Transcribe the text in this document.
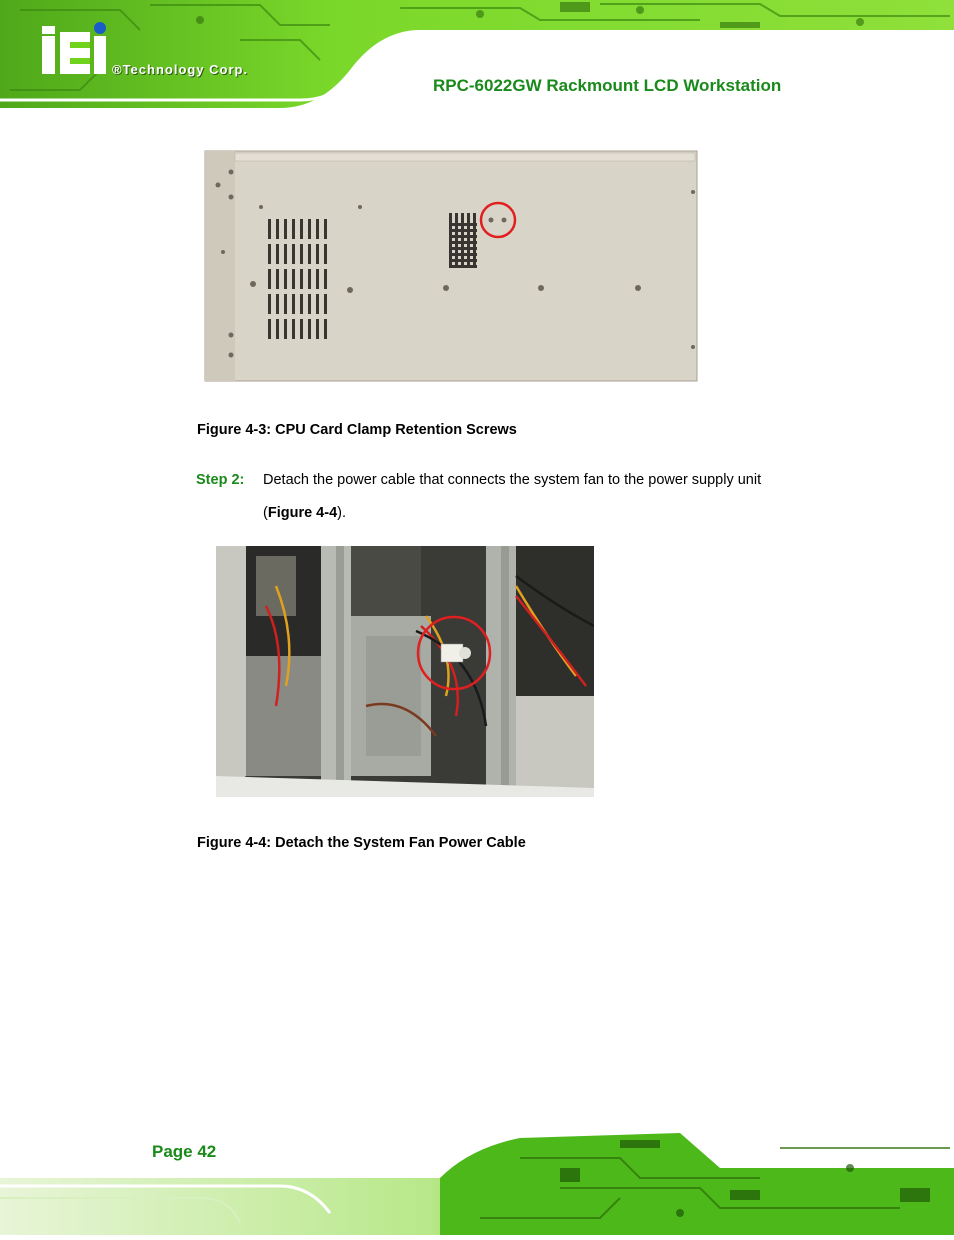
®Technology Corp.
RPC-6022GW Rackmount LCD Workstation
Figure 4-3: CPU Card Clamp Retention Screws
Step 2: Detach the power cable that connects the system fan to the power supply unit
(Figure 4-4).
Figure 4-4: Detach the System Fan Power Cable
Page 42
